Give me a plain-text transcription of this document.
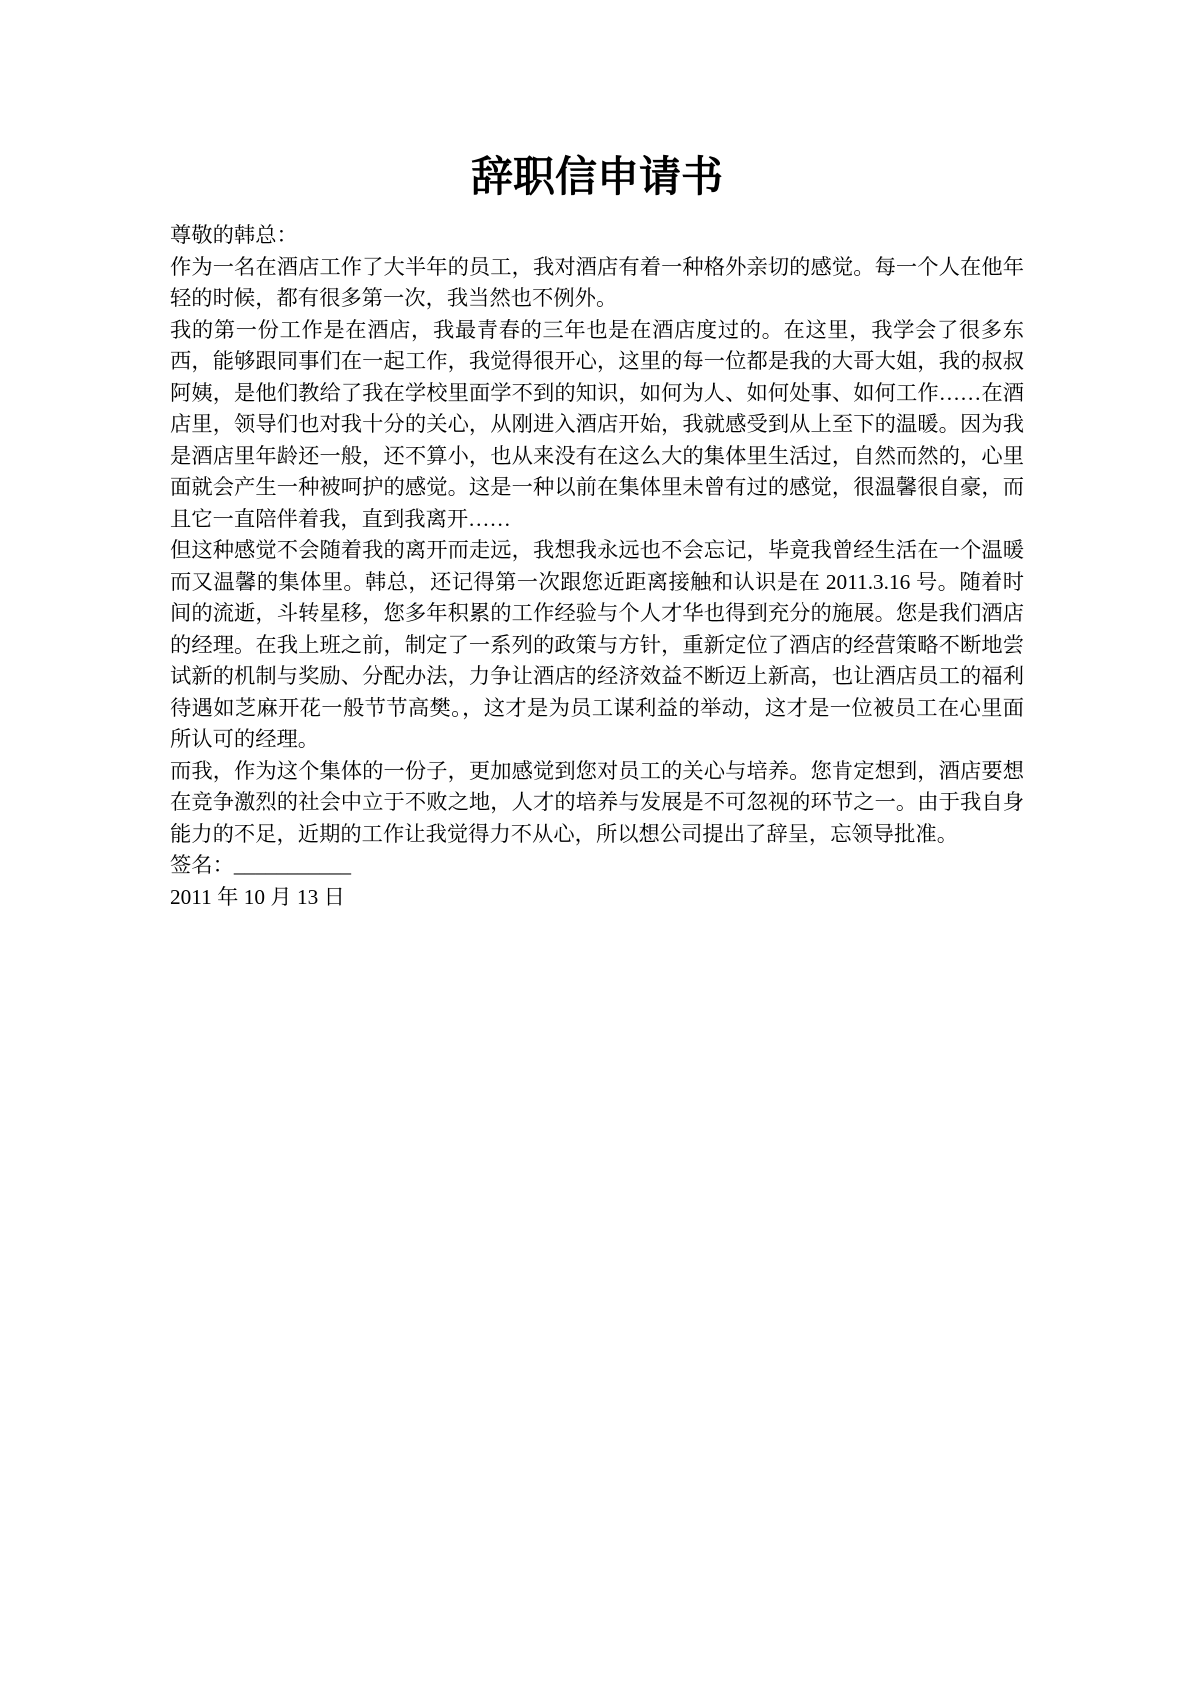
辞职信申请书

尊敬的韩总：

作为一名在酒店工作了大半年的员工，我对酒店有着一种格外亲切的感觉。每一个人在他年轻的时候，都有很多第一次，我当然也不例外。

我的第一份工作是在酒店，我最青春的三年也是在酒店度过的。在这里，我学会了很多东西，能够跟同事们在一起工作，我觉得很开心，这里的每一位都是我的大哥大姐，我的叔叔阿姨，是他们教给了我在学校里面学不到的知识，如何为人、如何处事、如何工作……在酒店里，领导们也对我十分的关心，从刚进入酒店开始，我就感受到从上至下的温暖。因为我是酒店里年龄还一般，还不算小，也从来没有在这么大的集体里生活过，自然而然的，心里面就会产生一种被呵护的感觉。这是一种以前在集体里未曾有过的感觉，很温馨很自豪，而且它一直陪伴着我，直到我离开……

但这种感觉不会随着我的离开而走远，我想我永远也不会忘记，毕竟我曾经生活在一个温暖而又温馨的集体里。韩总，还记得第一次跟您近距离接触和认识是在 2011.3.16 号。随着时间的流逝，斗转星移，您多年积累的工作经验与个人才华也得到充分的施展。您是我们酒店的经理。在我上班之前，制定了一系列的政策与方针，重新定位了酒店的经营策略不断地尝试新的机制与奖励、分配办法，力争让酒店的经济效益不断迈上新高，也让酒店员工的福利待遇如芝麻开花一般节节高樊。，这才是为员工谋利益的举动，这才是一位被员工在心里面所认可的经理。

而我，作为这个集体的一份子，更加感觉到您对员工的关心与培养。您肯定想到，酒店要想在竞争激烈的社会中立于不败之地，人才的培养与发展是不可忽视的环节之一。由于我自身能力的不足，近期的工作让我觉得力不从心，所以想公司提出了辞呈，忘领导批准。

签名：___________

2011 年 10 月 13 日
